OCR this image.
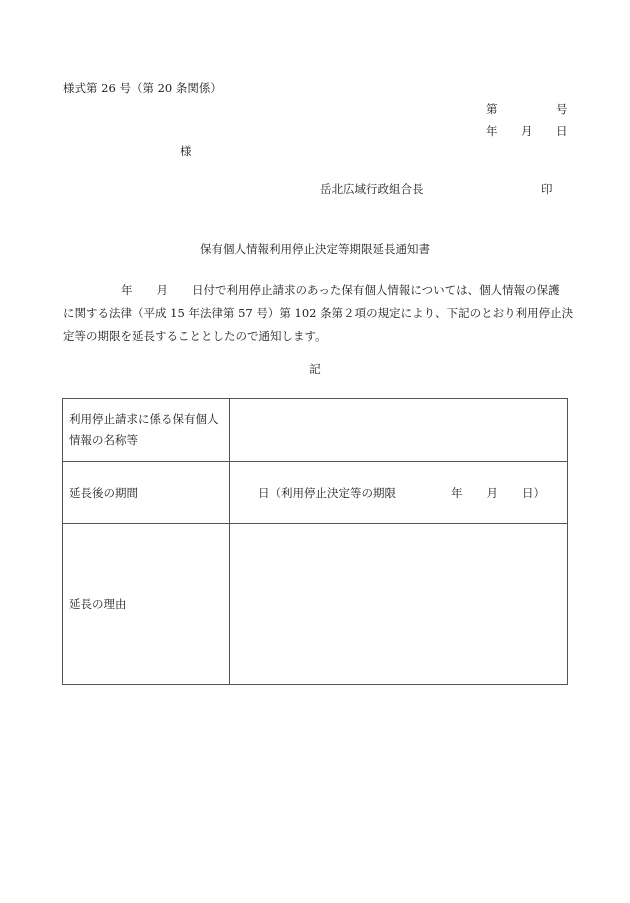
様式第 26 号（第 20 条関係）
第	号
年 月 日
様
岳北広域行政組合長	印
保有個人情報利用停止決定等期限延長通知書
年 月 日付で利用停止請求のあった保有個人情報については、個人情報の保護
に関する法律（平成 15 年法律第 57 号）第 102 条第２項の規定により、下記のとおり利用停止決
定等の期限を延長することとしたので通知します。
記
利用停止請求に係る保有個人
情報の名称等	

延長後の期間	日（利用停止決定等の期限 年 月 日）
延長の理由	
